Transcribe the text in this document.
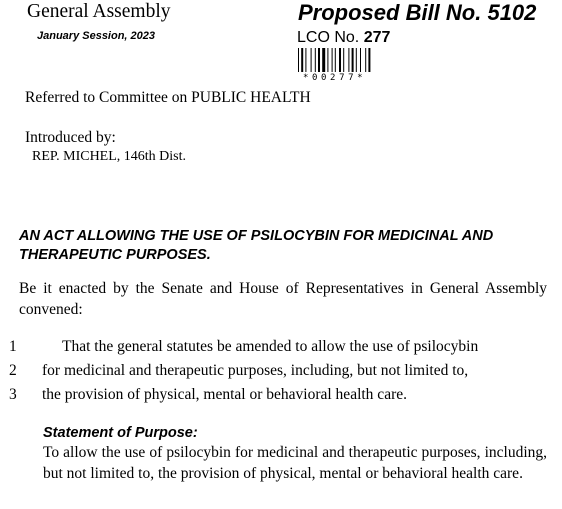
General Assembly	Proposed Bill No. 5102
January Session, 2023	LCO No. 277
*00277*
Referred to Committee on PUBLIC HEALTH
Introduced by:
REP. MICHEL, 146th Dist.
AN ACT ALLOWING THE USE OF PSILOCYBIN FOR MEDICINAL AND THERAPEUTIC PURPOSES.
Be it enacted by the Senate and House of Representatives in General Assembly convened:
1	That the general statutes be amended to allow the use of psilocybin
2 for medicinal and therapeutic purposes, including, but not limited to,
3 the provision of physical, mental or behavioral health care.
Statement of Purpose:
To allow the use of psilocybin for medicinal and therapeutic purposes, including, but not limited to, the provision of physical, mental or behavioral health care.
